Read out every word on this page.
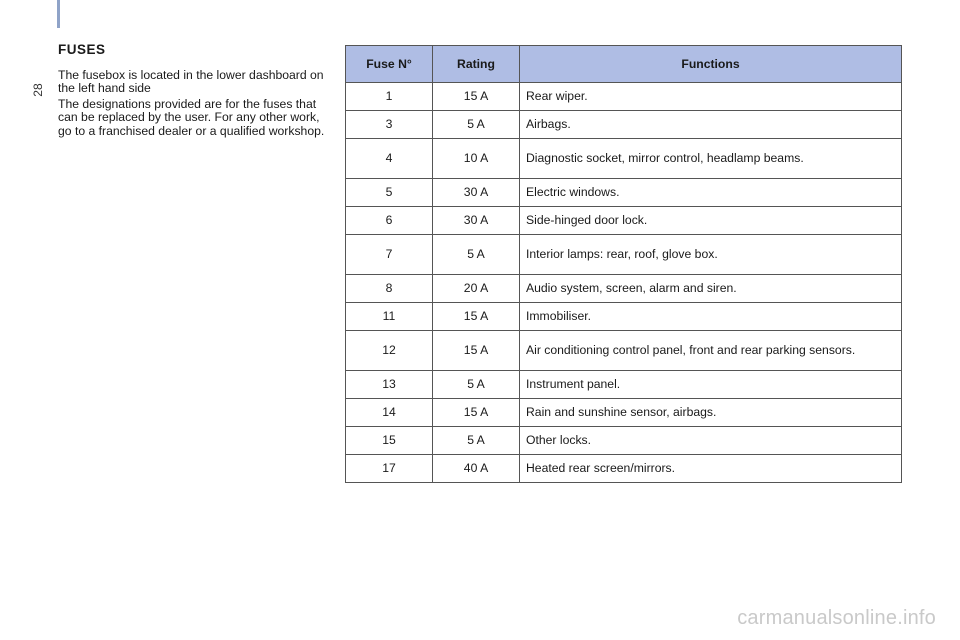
28
FUSES

The fusebox is located in the lower dashboard on the left hand side

The designations provided are for the fuses that can be replaced by the user. For any other work, go to a franchised dealer or a qualified workshop.

Fuse N°	Rating	Functions
1	15 A	Rear wiper.
3	5 A	Airbags.
4	10 A	Diagnostic socket, mirror control, headlamp beams.
5	30 A	Electric windows.
6	30 A	Side-hinged door lock.
7	5 A	Interior lamps: rear, roof, glove box.
8	20 A	Audio system, screen, alarm and siren.
11	15 A	Immobiliser.
12	15 A	Air conditioning control panel, front and rear parking sensors.
13	5 A	Instrument panel.
14	15 A	Rain and sunshine sensor, airbags.
15	5 A	Other locks.
17	40 A	Heated rear screen/mirrors.
carmanualsonline.info
